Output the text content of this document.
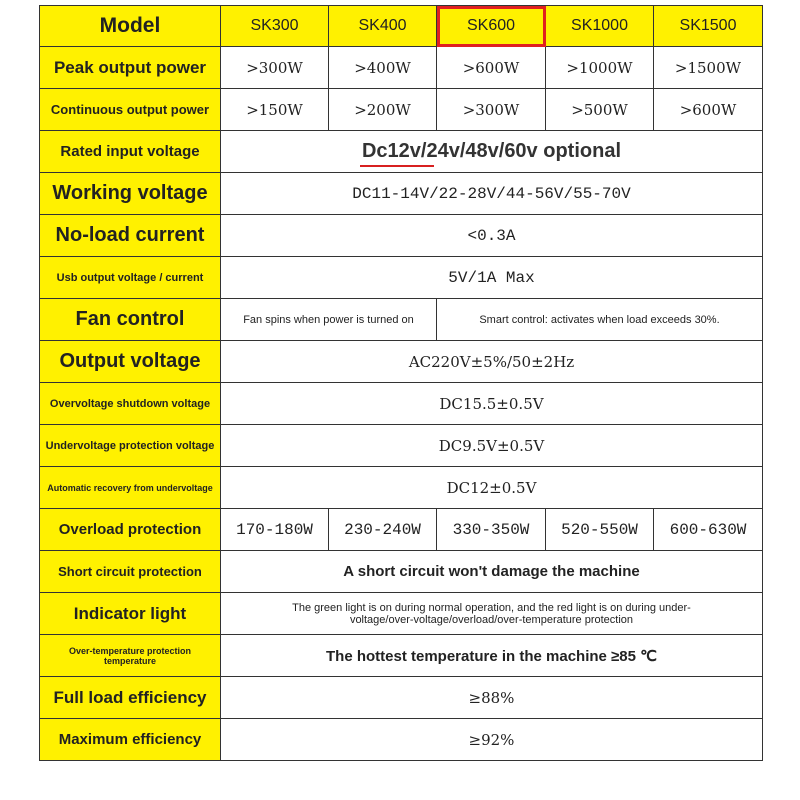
Model	SK300	SK400	SK600	SK1000	SK1500
Peak output power	>300W	>400W	>600W	>1000W	>1500W
Continuous output power	>150W	>200W	>300W	>500W	>600W
Rated input voltage	Dc12v/24v/48v/60v optional				

Working voltage	DC11-14V/22-28V/44-56V/55-70V				
No-load current	<0.3A				
Usb output voltage / current	5V/1A Max				
Fan control	Fan spins when power is turned on		Smart control: activates when load exceeds 30%.		
Output voltage	AC220V±5%/50±2Hz				
Overvoltage shutdown voltage	DC15.5±0.5V				
Undervoltage protection voltage	DC9.5V±0.5V				
Automatic recovery from undervoltage	DC12±0.5V				
Overload protection	170-180W	230-240W	330-350W	520-550W	600-630W
Short circuit protection	A short circuit won't damage the machine				
Indicator light	The green light is on during normal operation, and the red light is on during under-voltage/over-voltage/overload/over-temperature protection				
Over-temperature protection temperature	The hottest temperature in the machine ≥85 ℃				
Full load efficiency	≥88%				
Maximum efficiency	≥92%				
